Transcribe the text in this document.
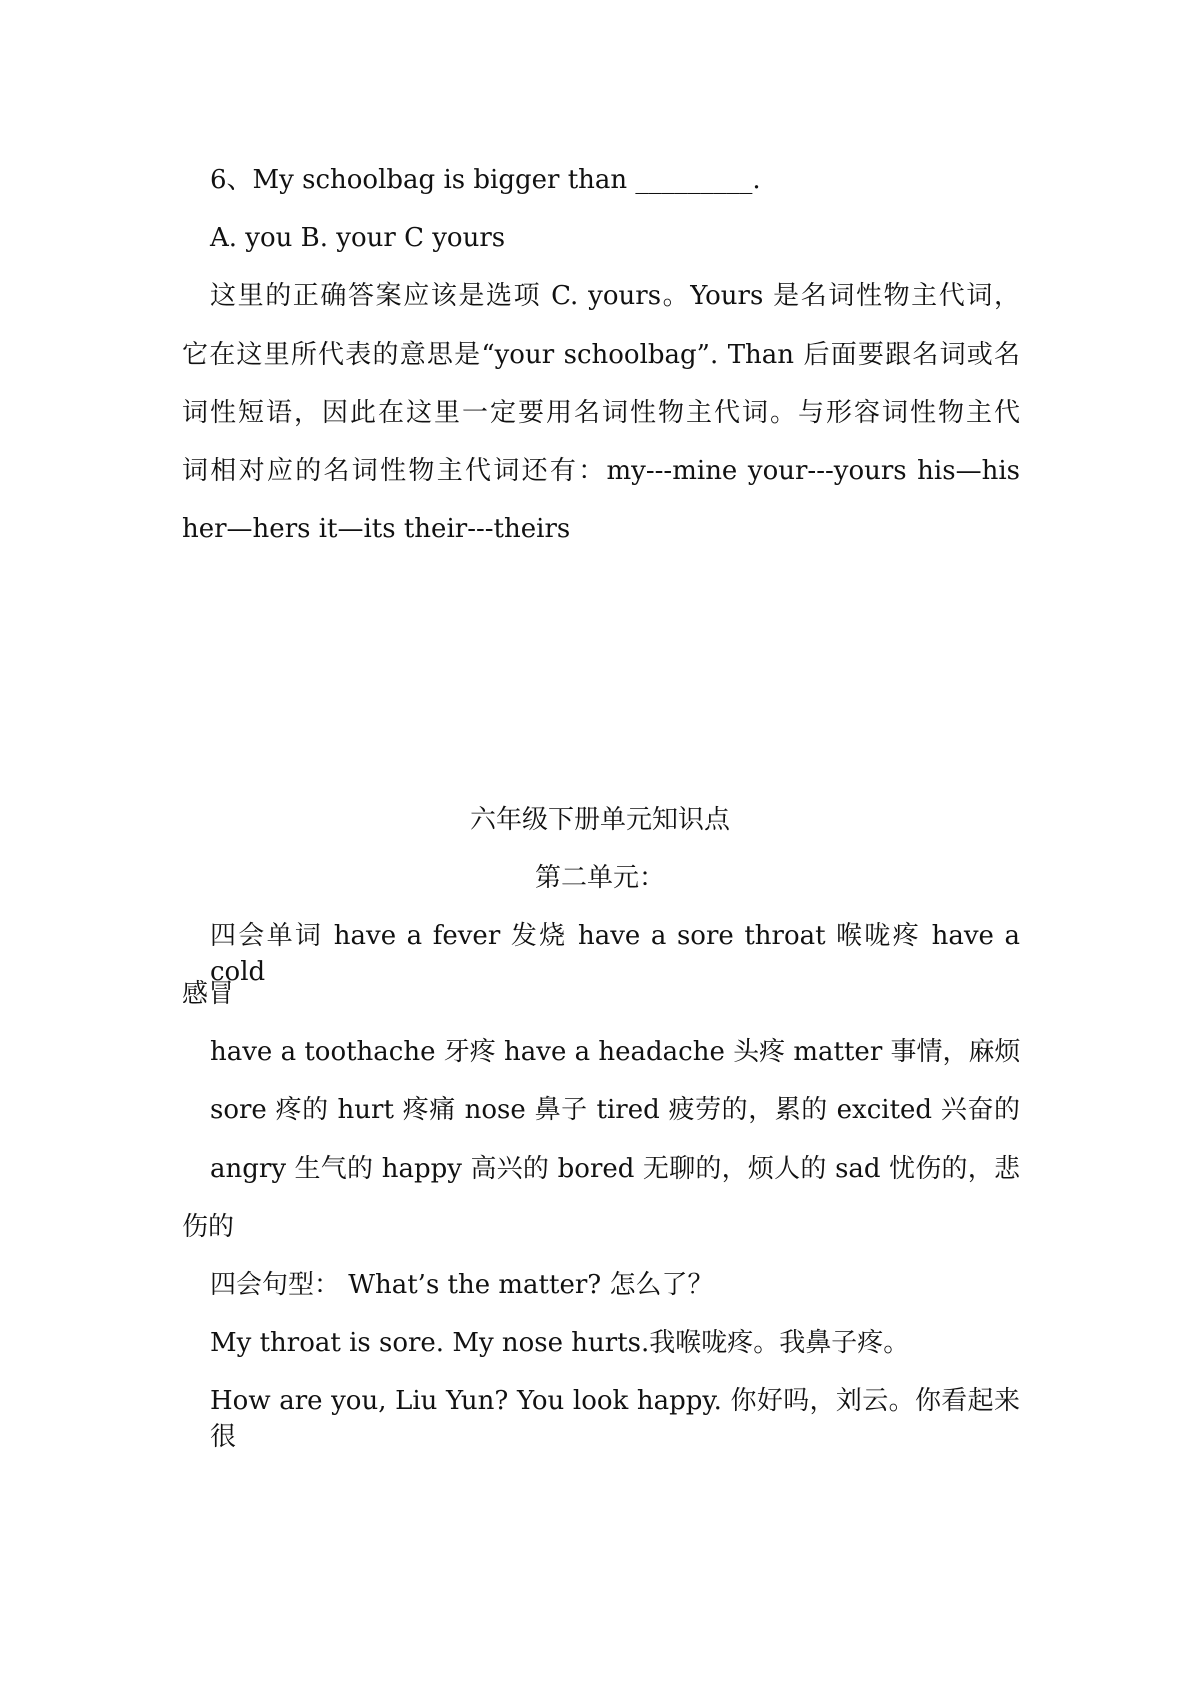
6、My schoolbag is bigger than _________.
A. you B. your C yours
这里的正确答案应该是选项 C. yours。Yours 是名词性物主代词，
它在这里所代表的意思是“your schoolbag”. Than 后面要跟名词或名
词性短语，因此在这里一定要用名词性物主代词。与形容词性物主代
词相对应的名词性物主代词还有：my---mine your---yours his—his
her—hers it—its their---theirs
六年级下册单元知识点
第二单元：
四会单词 have a fever 发烧 have a sore throat 喉咙疼 have a cold
感冒
have a toothache 牙疼 have a headache 头疼 matter 事情，麻烦
sore 疼的 hurt 疼痛 nose 鼻子 tired 疲劳的，累的 excited 兴奋的
angry 生气的 happy 高兴的 bored 无聊的，烦人的 sad 忧伤的，悲
伤的
四会句型： What’s the matter? 怎么了？
My throat is sore. My nose hurts.我喉咙疼。我鼻子疼。
How are you, Liu Yun? You look happy. 你好吗，刘云。你看起来很
